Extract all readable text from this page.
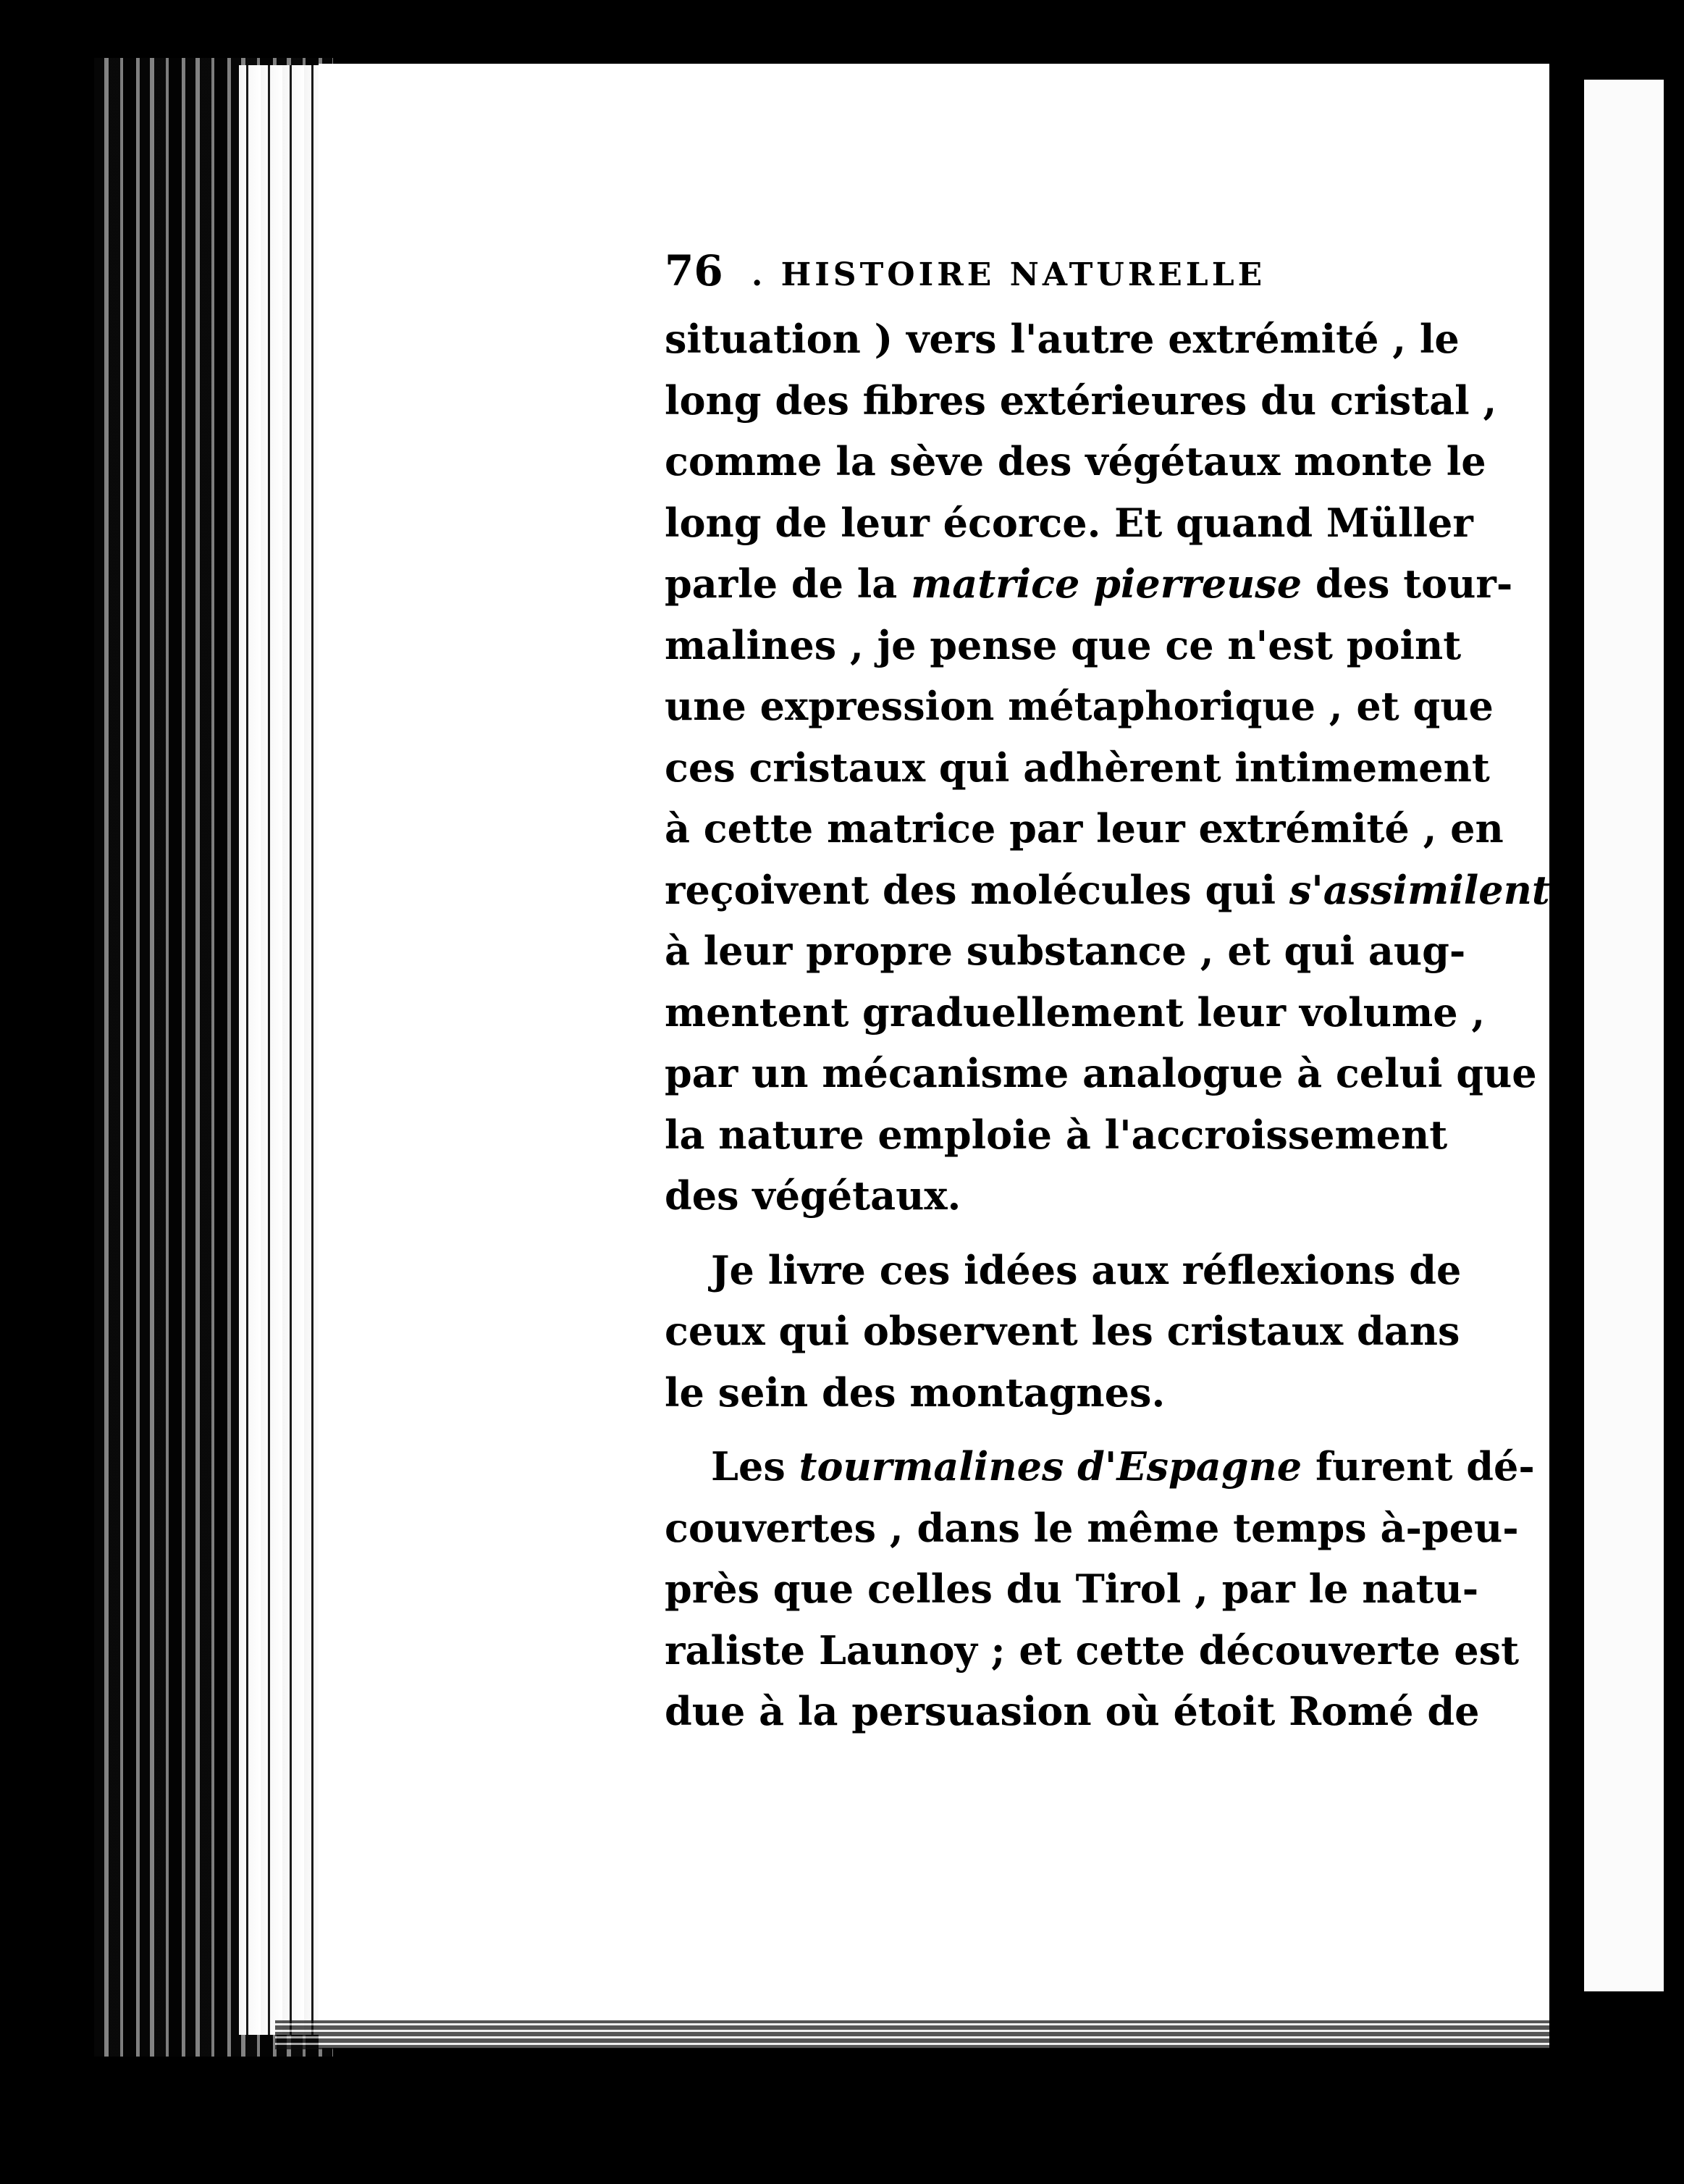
76 . HISTOIRE NATURELLE
situation ) vers l'autre extrémité , le
long des fibres extérieures du cristal ,
comme la sève des végétaux monte le
long de leur écorce. Et quand Müller
parle de la matrice pierreuse des tour-
malines , je pense que ce n'est point
une expression métaphorique , et que
ces cristaux qui adhèrent intimement
à cette matrice par leur extrémité , en
reçoivent des molécules qui s'assimilent
à leur propre substance , et qui aug-
mentent graduellement leur volume ,
par un mécanisme analogue à celui que
la nature emploie à l'accroissement
des végétaux.
Je livre ces idées aux réflexions de
ceux qui observent les cristaux dans
le sein des montagnes.
Les tourmalines d'Espagne furent dé-
couvertes , dans le même temps à-peu-
près que celles du Tirol , par le natu-
raliste Launoy ; et cette découverte est
due à la persuasion où étoit Romé de
